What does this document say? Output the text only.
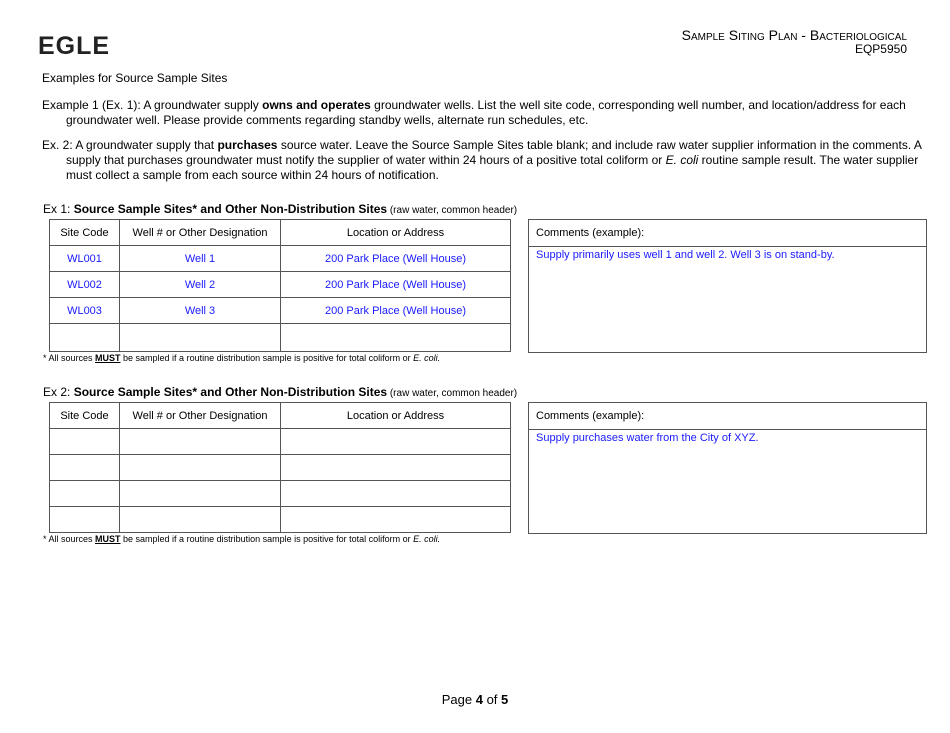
EGLE	Sample Siting Plan - Bacteriological
EQP5950
Examples for Source Sample Sites
Example 1 (Ex. 1): A groundwater supply owns and operates groundwater wells. List the well site code, corresponding well number, and location/address for each groundwater well. Please provide comments regarding standby wells, alternate run schedules, etc.
Ex. 2: A groundwater supply that purchases source water. Leave the Source Sample Sites table blank; and include raw water supplier information in the comments. A supply that purchases groundwater must notify the supplier of water within 24 hours of a positive total coliform or E. coli routine sample result. The water supplier must collect a sample from each source within 24 hours of notification.
Ex 1: Source Sample Sites* and Other Non-Distribution Sites (raw water, common header)
Site Code	Well # or Other Designation	Location or Address
WL001	Well 1	200 Park Place (Well House)
WL002	Well 2	200 Park Place (Well House)
WL003	Well 3	200 Park Place (Well House)

Comments (example):
Supply primarily uses well 1 and well 2. Well 3 is on stand-by.
* All sources MUST be sampled if a routine distribution sample is positive for total coliform or E. coli.
Ex 2: Source Sample Sites* and Other Non-Distribution Sites (raw water, common header)
Site Code	Well # or Other Designation	Location or Address

			Comments (example):
Supply purchases water from the City of XYZ.
* All sources MUST be sampled if a routine distribution sample is positive for total coliform or E. coli.
Page 4 of 5
